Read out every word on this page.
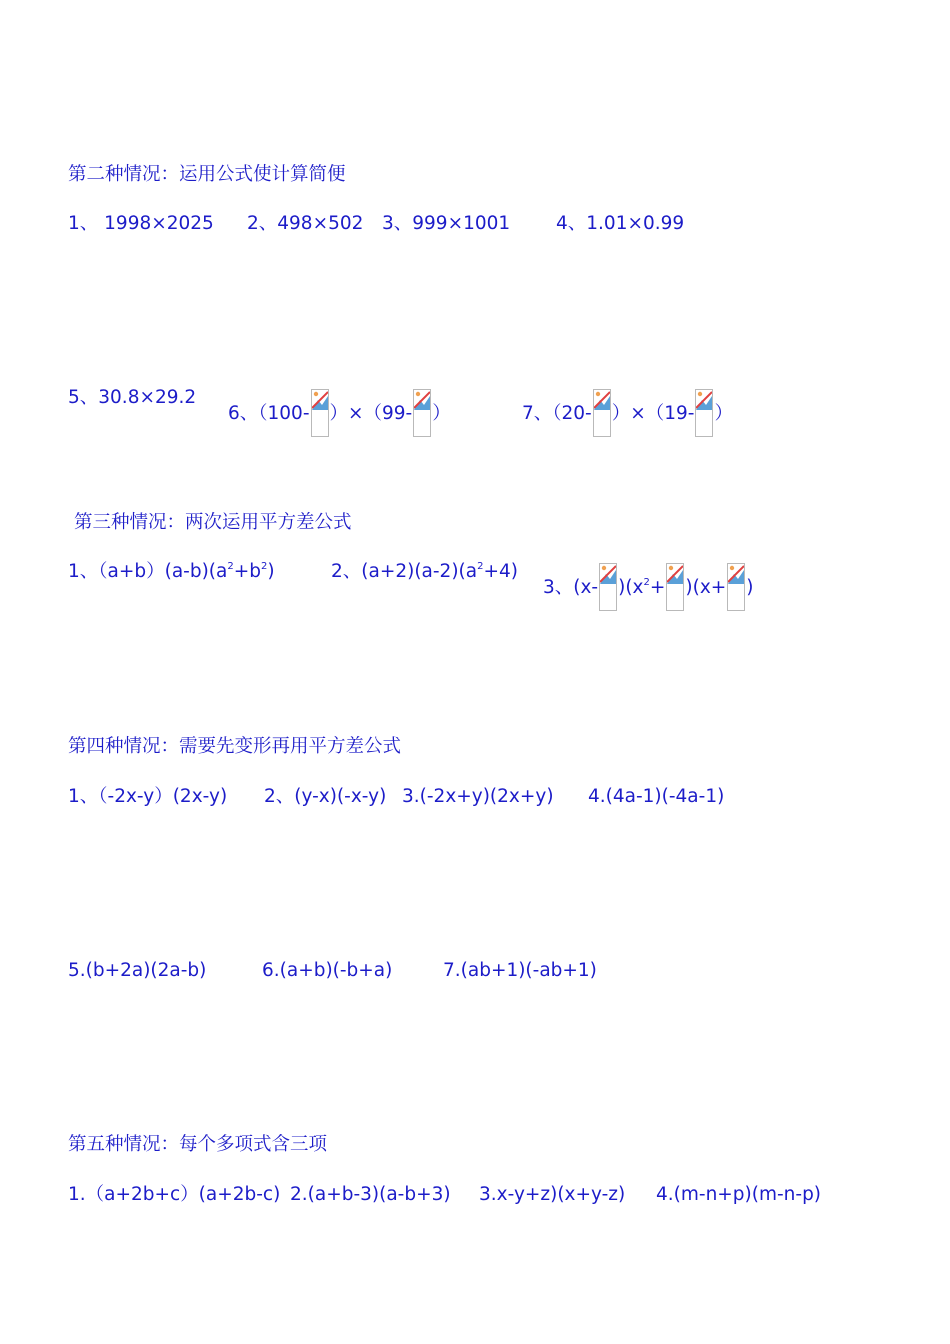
第二种情况：运用公式使计算简便
1、 1998×2025 2、498×502 3、999×1001 4、1.01×0.99
5、30.8×29.2
6、（100- ）×（99- ）	7、（20- ）×（19- ）
第三种情况：两次运用平方差公式
1、$(a+b)(a-b)(a^2+b^2)$	2、$(a+2)(a-2)(a^2+4)$
3、(x- )$(x^2+ )(x+$ )
第四种情况：需要先变形再用平方差公式
1、（-2x-y）(2x-y) 2、(y-x)(-x-y) 3.(-2x+y)(2x+y) 4.(4a-1)(-4a-1)
5.(b+2a)(2a-b)	6.(a+b)(-b+a)	7.(ab+1)(-ab+1)
第五种情况：每个多项式含三项
1.（a+2b+c）(a+2b-c) 2.(a+b-3)(a-b+3) 3.x-y+z)(x+y-z) 4.(m-n+p)(m-n-p)
